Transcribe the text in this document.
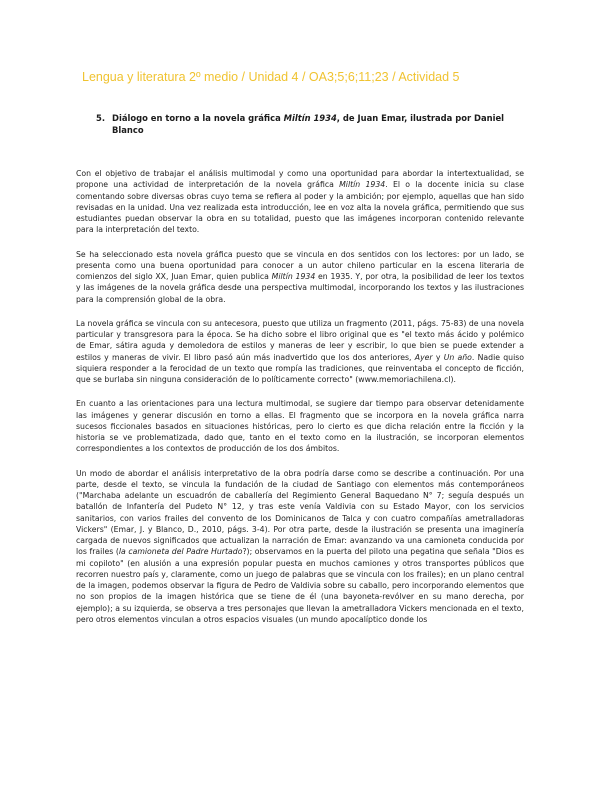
Lengua y literatura 2º medio / Unidad 4 / OA3;5;6;11;23 / Actividad 5
5. Diálogo en torno a la novela gráfica Miltín 1934, de Juan Emar, ilustrada por Daniel Blanco

Con el objetivo de trabajar el análisis multimodal y como una oportunidad para abordar la intertextualidad, se propone una actividad de interpretación de la novela gráfica Miltín 1934. El o la docente inicia su clase comentando sobre diversas obras cuyo tema se refiera al poder y la ambición; por ejemplo, aquellas que han sido revisadas en la unidad. Una vez realizada esta introducción, lee en voz alta la novela gráfica, permitiendo que sus estudiantes puedan observar la obra en su totalidad, puesto que las imágenes incorporan contenido relevante para la interpretación del texto.

Se ha seleccionado esta novela gráfica puesto que se vincula en dos sentidos con los lectores: por un lado, se presenta como una buena oportunidad para conocer a un autor chileno particular en la escena literaria de comienzos del siglo XX, Juan Emar, quien publica Miltín 1934 en 1935. Y, por otra, la posibilidad de leer los textos y las imágenes de la novela gráfica desde una perspectiva multimodal, incorporando los textos y las ilustraciones para la comprensión global de la obra.

La novela gráfica se vincula con su antecesora, puesto que utiliza un fragmento (2011, págs. 75-83) de una novela particular y transgresora para la época. Se ha dicho sobre el libro original que es "el texto más ácido y polémico de Emar, sátira aguda y demoledora de estilos y maneras de leer y escribir, lo que bien se puede extender a estilos y maneras de vivir. El libro pasó aún más inadvertido que los dos anteriores, Ayer y Un año. Nadie quiso siquiera responder a la ferocidad de un texto que rompía las tradiciones, que reinventaba el concepto de ficción, que se burlaba sin ninguna consideración de lo políticamente correcto" (www.memoriachilena.cl).

En cuanto a las orientaciones para una lectura multimodal, se sugiere dar tiempo para observar detenidamente las imágenes y generar discusión en torno a ellas. El fragmento que se incorpora en la novela gráfica narra sucesos ficcionales basados en situaciones históricas, pero lo cierto es que dicha relación entre la ficción y la historia se ve problematizada, dado que, tanto en el texto como en la ilustración, se incorporan elementos correspondientes a los contextos de producción de los dos ámbitos.

Un modo de abordar el análisis interpretativo de la obra podría darse como se describe a continuación. Por una parte, desde el texto, se vincula la fundación de la ciudad de Santiago con elementos más contemporáneos ("Marchaba adelante un escuadrón de caballería del Regimiento General Baquedano N° 7; seguía después un batallón de Infantería del Pudeto N° 12, y tras este venía Valdivia con su Estado Mayor, con los servicios sanitarios, con varios frailes del convento de los Dominicanos de Talca y con cuatro compañías ametralladoras Vickers" (Emar, J. y Blanco, D., 2010, págs. 3-4). Por otra parte, desde la ilustración se presenta una imaginería cargada de nuevos significados que actualizan la narración de Emar: avanzando va una camioneta conducida por los frailes (la camioneta del Padre Hurtado?); observamos en la puerta del piloto una pegatina que señala "Dios es mi copiloto" (en alusión a una expresión popular puesta en muchos camiones y otros transportes públicos que recorren nuestro país y, claramente, como un juego de palabras que se vincula con los frailes); en un plano central de la imagen, podemos observar la figura de Pedro de Valdivia sobre su caballo, pero incorporando elementos que no son propios de la imagen histórica que se tiene de él (una bayoneta-revólver en su mano derecha, por ejemplo); a su izquierda, se observa a tres personajes que llevan la ametralladora Vickers mencionada en el texto, pero otros elementos vinculan a otros espacios visuales (un mundo apocalíptico donde los
